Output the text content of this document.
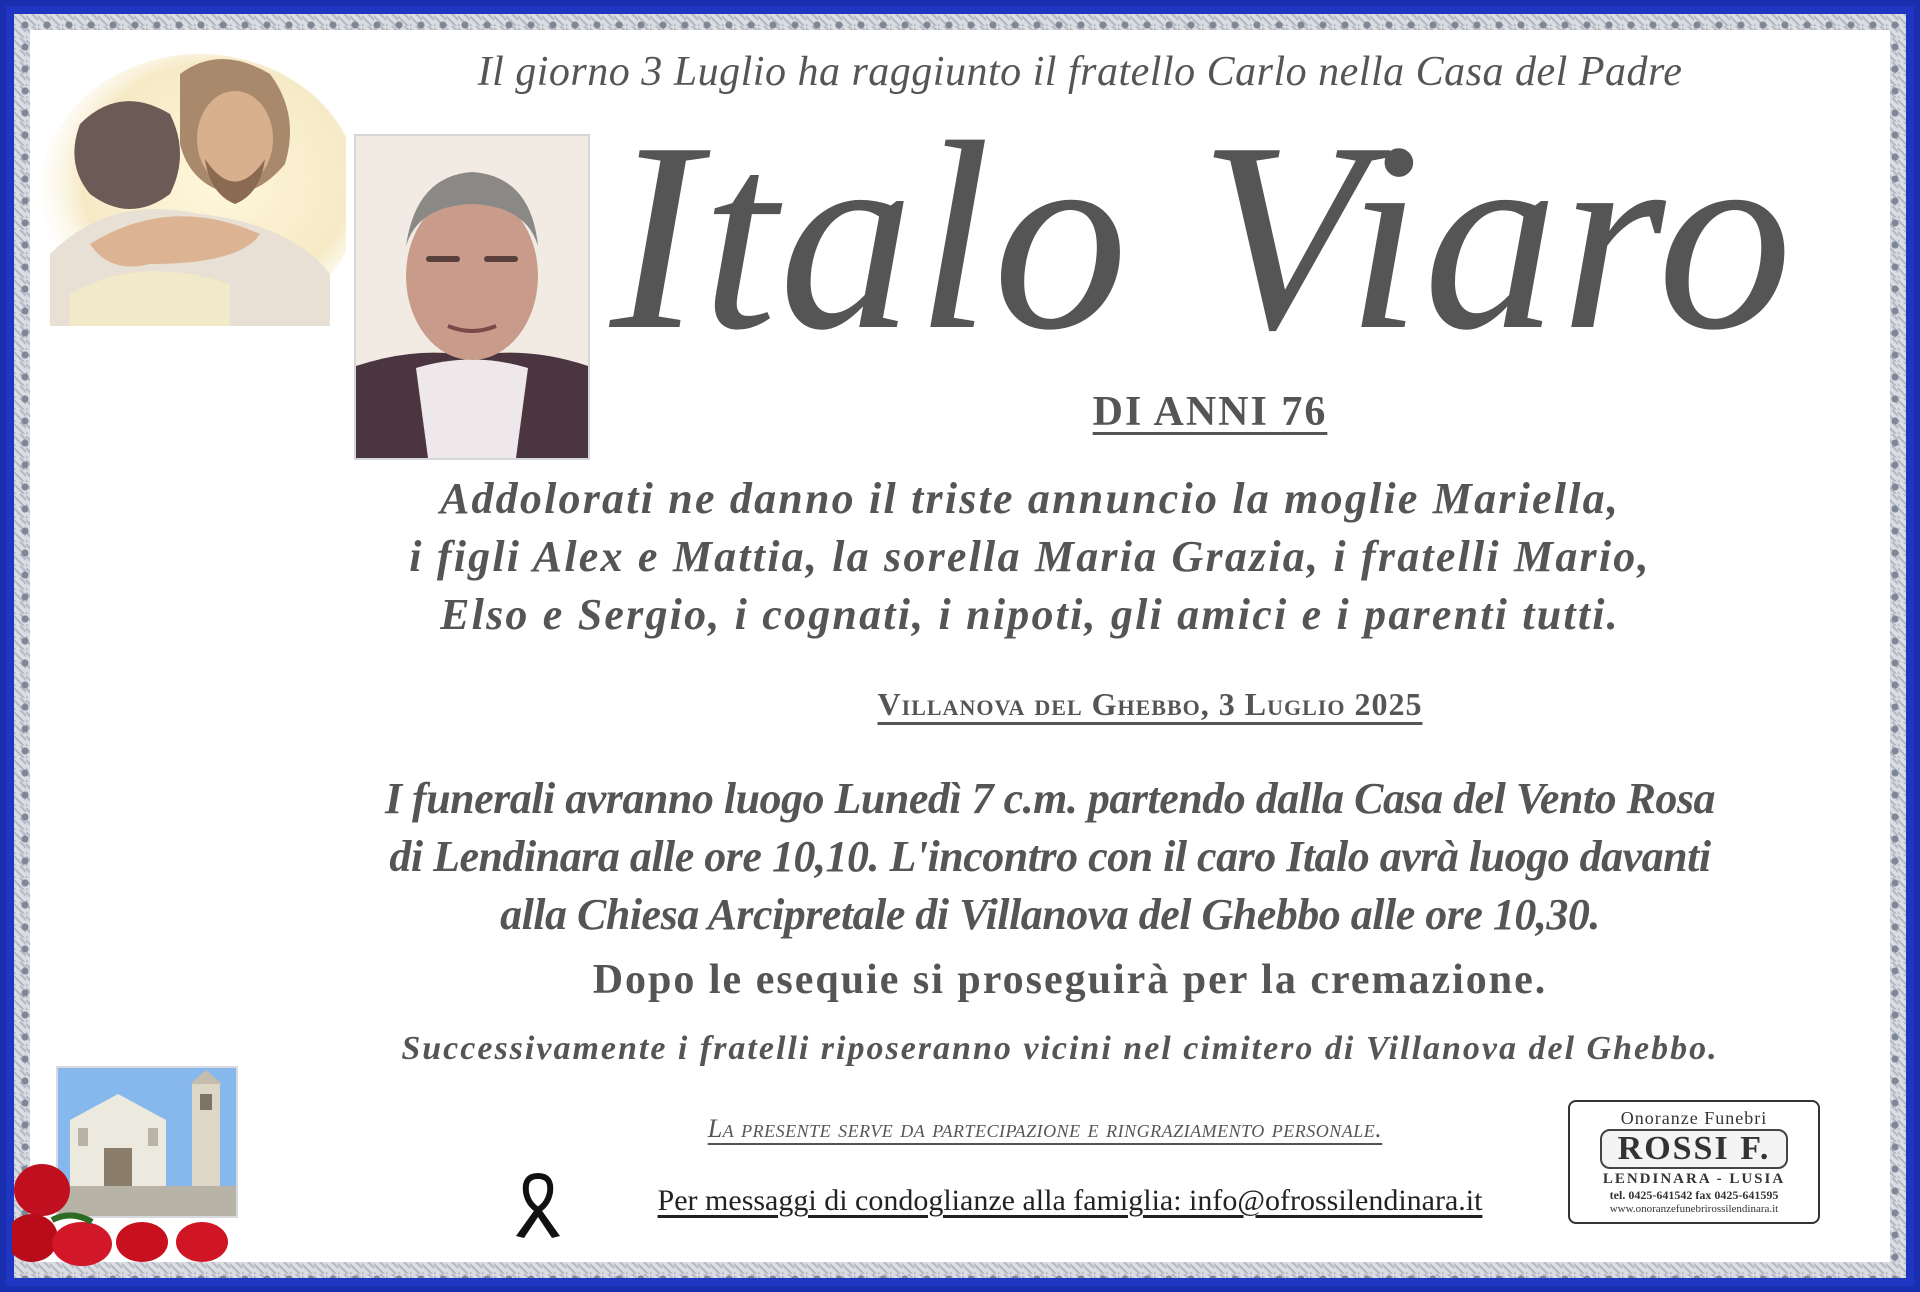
Il giorno 3 Luglio ha raggiunto il fratello Carlo nella Casa del Padre
Italo Viaro
DI ANNI 76
Addolorati ne danno il triste annuncio la moglie Mariella,
i figli Alex e Mattia, la sorella Maria Grazia, i fratelli Mario,
Elso e Sergio, i cognati, i nipoti, gli amici e i parenti tutti.
Villanova del Ghebbo, 3 Luglio 2025
I funerali avranno luogo Lunedì 7 c.m. partendo dalla Casa del Vento Rosa
di Lendinara alle ore 10,10. L'incontro con il caro Italo avrà luogo davanti
alla Chiesa Arcipretale di Villanova del Ghebbo alle ore 10,30.
Dopo le esequie si proseguirà per la cremazione.
Successivamente i fratelli riposeranno vicini nel cimitero di Villanova del Ghebbo.
La presente serve da partecipazione e ringraziamento personale.
Per messaggi di condoglianze alla famiglia: info@ofrossilendinara.it
Onoranze Funebri
ROSSI F.
LENDINARA - LUSIA
tel. 0425-641542 fax 0425-641595
www.onoranzefunebrirossilendinara.it
